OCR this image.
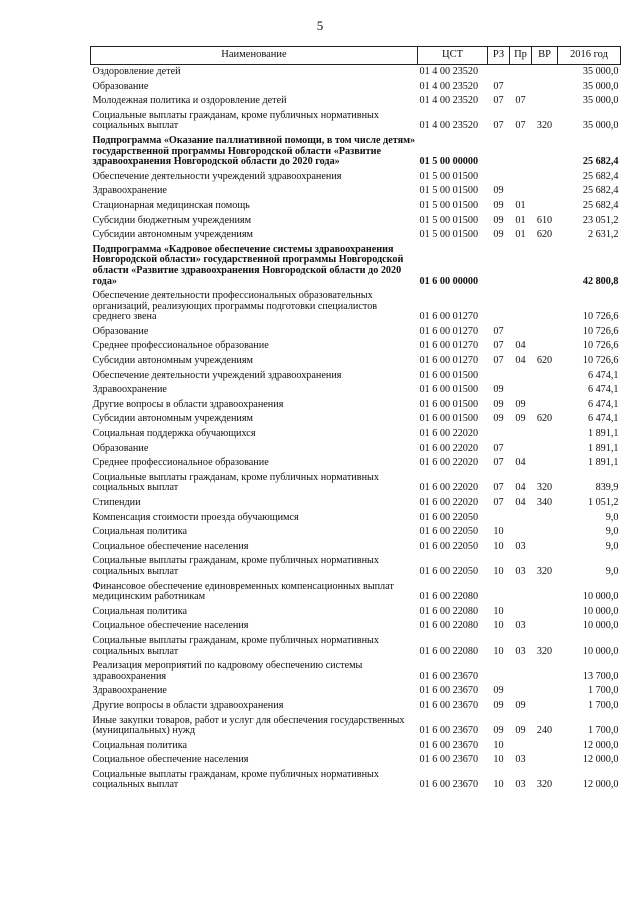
5
Наименование	ЦСТ	РЗ	Пр	ВР	2016 год
Оздоровление детей	01 4 00 23520				35 000,0
Образование	01 4 00 23520	07			35 000,0
Молодежная политика и оздоровление детей	01 4 00 23520	07	07		35 000,0
Социальные выплаты гражданам, кроме публичных нормативных социальных выплат	01 4 00 23520	07	07	320	35 000,0
Подпрограмма «Оказание паллиативной помощи, в том числе детям» государственной программы Новгородской области «Развитие здравоохранения Новгородской области до 2020 года»	01 5 00 00000				25 682,4
Обеспечение деятельности учреждений здравоохранения	01 5 00 01500				25 682,4
Здравоохранение	01 5 00 01500	09			25 682,4
Стационарная медицинская помощь	01 5 00 01500	09	01		25 682,4
Субсидии бюджетным учреждениям	01 5 00 01500	09	01	610	23 051,2
Субсидии автономным учреждениям	01 5 00 01500	09	01	620	2 631,2
Подпрограмма «Кадровое обеспечение системы здравоохранения Новгородской области» государственной программы Новгородской области «Развитие здравоохранения Новгородской области до 2020 года»	01 6 00 00000				42 800,8
Обеспечение деятельности профессиональных образовательных организаций, реализующих программы подготовки специалистов среднего звена	01 6 00 01270				10 726,6
Образование	01 6 00 01270	07			10 726,6
Среднее профессиональное образование	01 6 00 01270	07	04		10 726,6
Субсидии автономным учреждениям	01 6 00 01270	07	04	620	10 726,6
Обеспечение деятельности учреждений здравоохранения	01 6 00 01500				6 474,1
Здравоохранение	01 6 00 01500	09			6 474,1
Другие вопросы в области здравоохранения	01 6 00 01500	09	09		6 474,1
Субсидии автономным учреждениям	01 6 00 01500	09	09	620	6 474,1
Социальная поддержка обучающихся	01 6 00 22020				1 891,1
Образование	01 6 00 22020	07			1 891,1
Среднее профессиональное образование	01 6 00 22020	07	04		1 891,1
Социальные выплаты гражданам, кроме публичных нормативных социальных выплат	01 6 00 22020	07	04	320	839,9
Стипендии	01 6 00 22020	07	04	340	1 051,2
Компенсация стоимости проезда обучающимся	01 6 00 22050				9,0
Социальная политика	01 6 00 22050	10			9,0
Социальное обеспечение населения	01 6 00 22050	10	03		9,0
Социальные выплаты гражданам, кроме публичных нормативных социальных выплат	01 6 00 22050	10	03	320	9,0
Финансовое обеспечение единовременных компенсационных выплат медицинским работникам	01 6 00 22080				10 000,0
Социальная политика	01 6 00 22080	10			10 000,0
Социальное обеспечение населения	01 6 00 22080	10	03		10 000,0
Социальные выплаты гражданам, кроме публичных нормативных социальных выплат	01 6 00 22080	10	03	320	10 000,0
Реализация мероприятий по кадровому обеспечению системы здравоохранения	01 6 00 23670				13 700,0
Здравоохранение	01 6 00 23670	09			1 700,0
Другие вопросы в области здравоохранения	01 6 00 23670	09	09		1 700,0
Иные закупки товаров, работ и услуг для обеспечения государственных (муниципальных) нужд	01 6 00 23670	09	09	240	1 700,0
Социальная политика	01 6 00 23670	10			12 000,0
Социальное обеспечение населения	01 6 00 23670	10	03		12 000,0
Социальные выплаты гражданам, кроме публичных нормативных социальных выплат	01 6 00 23670	10	03	320	12 000,0
